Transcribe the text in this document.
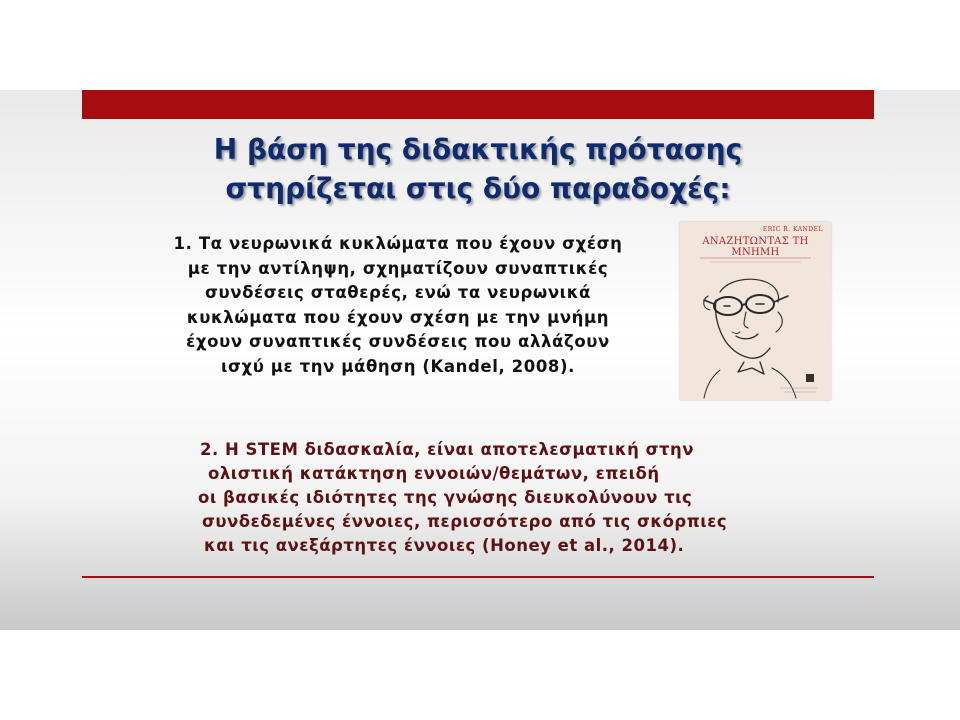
Η βάση της διδακτικής πρότασης
στηρίζεται στις δύο παραδοχές:
1. Τα νευρωνικά κυκλώματα που έχουν σχέση
με την αντίληψη, σχηματίζουν συναπτικές
συνδέσεις σταθερές, ενώ τα νευρωνικά
κυκλώματα που έχουν σχέση με την μνήμη
έχουν συναπτικές συνδέσεις που αλλάζουν
ισχύ με την μάθηση (Kandel, 2008).
ERIC R. KANDEL
ΑΝΑΖΗΤΩΝΤΑΣ ΤΗ ΜΝΗΜΗ
2. Η STEM διδασκαλία, είναι αποτελεσματική στην
ολιστική κατάκτηση εννοιών/θεμάτων, επειδή
οι βασικές ιδιότητες της γνώσης διευκολύνουν τις
συνδεδεμένες έννοιες, περισσότερο από τις σκόρπιες
και τις ανεξάρτητες έννοιες (Honey et al., 2014).
